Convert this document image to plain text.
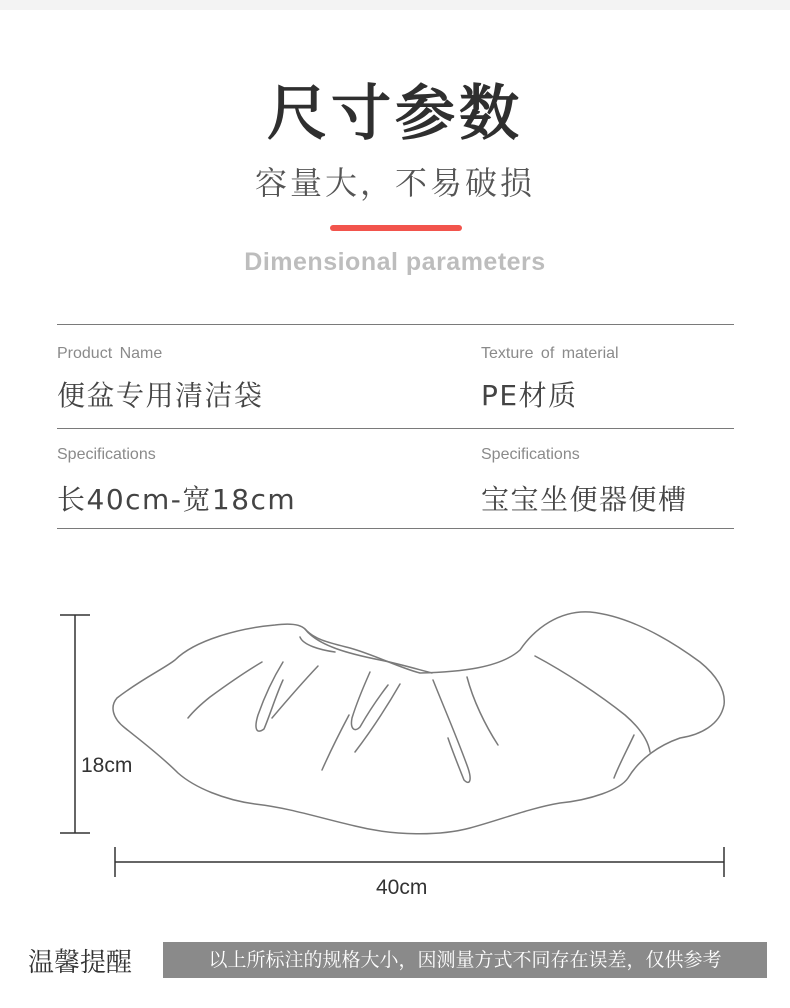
尺寸参数
容量大，不易破损
Dimensional parameters
Product Name
便盆专用清洁袋
Texture of material
PE材质
Specifications
长40cm-宽18cm
Specifications
宝宝坐便器便槽
18cm
40cm
温馨提醒	以上所标注的规格大小，因测量方式不同存在误差，仅供参考
